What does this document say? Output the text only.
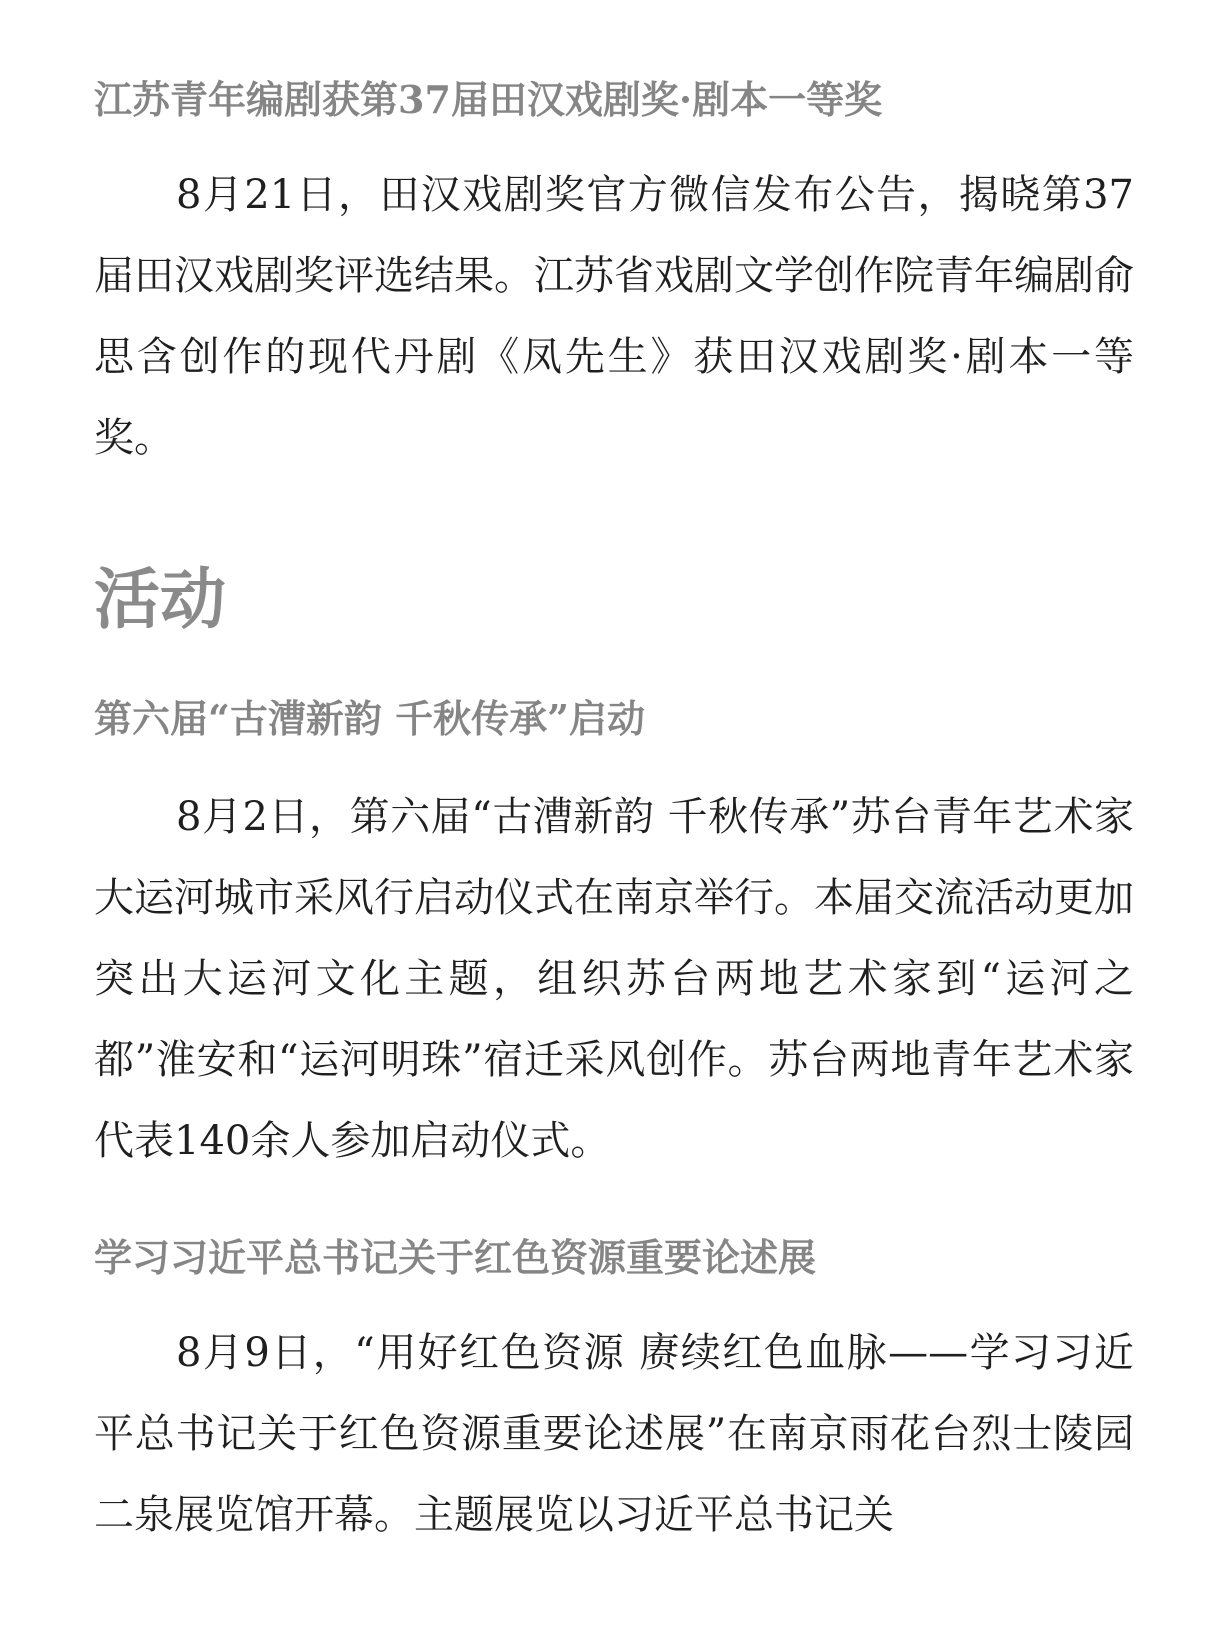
江苏青年编剧获第37届田汉戏剧奖·剧本一等奖
8月21日，田汉戏剧奖官方微信发布公告，揭晓第37届田汉戏剧奖评选结果。江苏省戏剧文学创作院青年编剧俞思含创作的现代丹剧《凤先生》获田汉戏剧奖·剧本一等奖。
活动
第六届“古漕新韵 千秋传承”启动
8月2日，第六届“古漕新韵 千秋传承”苏台青年艺术家大运河城市采风行启动仪式在南京举行。本届交流活动更加突出大运河文化主题，组织苏台两地艺术家到“运河之都”淮安和“运河明珠”宿迁采风创作。苏台两地青年艺术家代表140余人参加启动仪式。
学习习近平总书记关于红色资源重要论述展
8月9日，“用好红色资源 赓续红色血脉——学习习近平总书记关于红色资源重要论述展”在南京雨花台烈士陵园二泉展览馆开幕。主题展览以习近平总书记关
